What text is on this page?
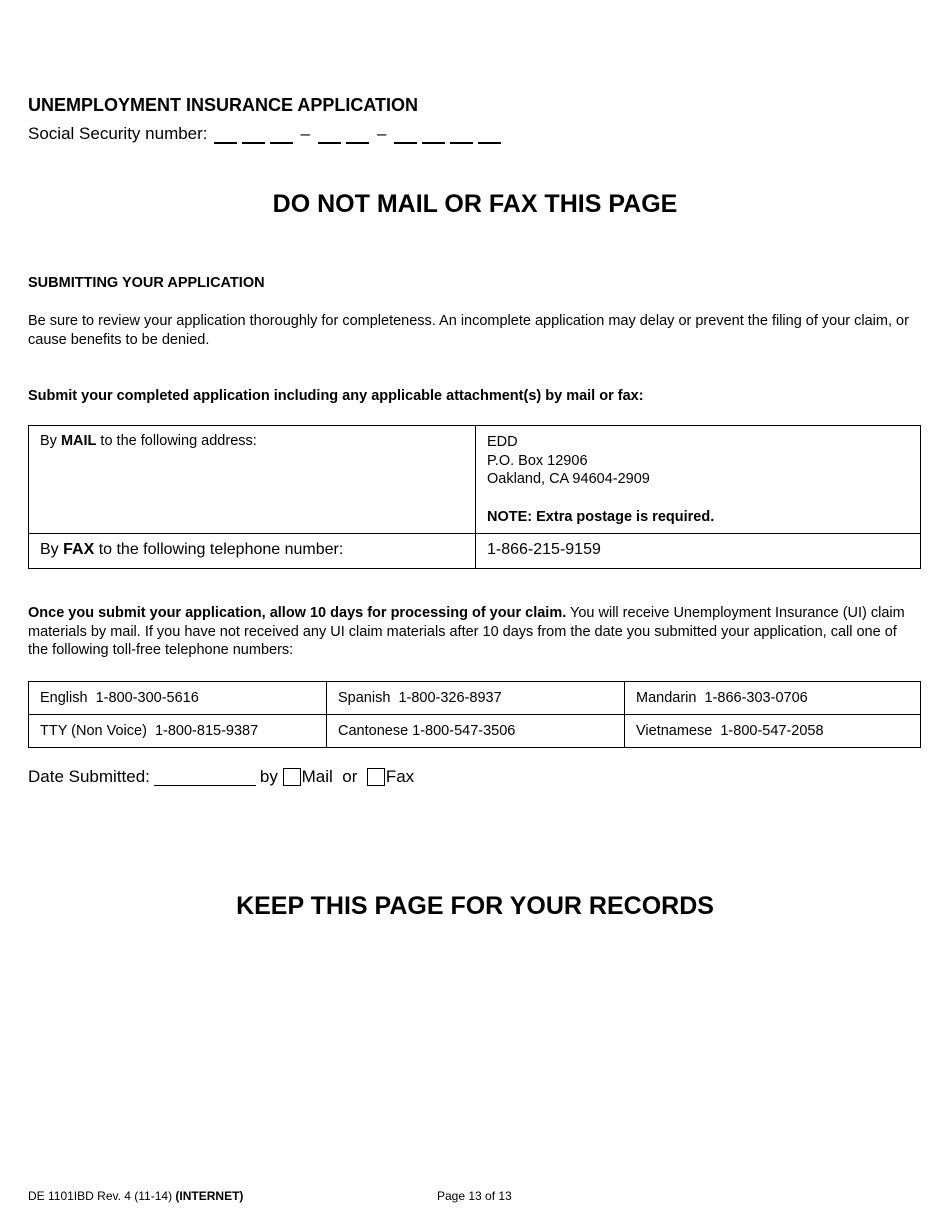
UNEMPLOYMENT INSURANCE APPLICATION
Social Security number:	–	–
DO NOT MAIL OR FAX THIS PAGE
SUBMITTING YOUR APPLICATION

Be sure to review your application thoroughly for completeness. An incomplete application may delay or prevent the filing of your claim, or cause benefits to be denied.

Submit your completed application including any applicable attachment(s) by mail or fax:

By MAIL to the following address:	EDD
P.O. Box 12906
Oakland, CA 94604-2909
NOTE: Extra postage is required.

By FAX to the following telephone number:	1-866-215-9159

Once you submit your application, allow 10 days for processing of your claim. You will receive Unemployment Insurance (UI) claim materials by mail. If you have not received any UI claim materials after 10 days from the date you submitted your application, call one of the following toll-free telephone numbers:

English  1-800-300-5616	Spanish  1-800-326-8937	Mandarin  1-866-303-0706
TTY (Non Voice)  1-800-815-9387	Cantonese 1-800-547-3506	Vietnamese  1-800-547-2058
Date Submitted:	by
Mail
or
Fax
KEEP THIS PAGE FOR YOUR RECORDS
DE 1101IBD Rev. 4 (11-14) (INTERNET)	Page 13 of 13
